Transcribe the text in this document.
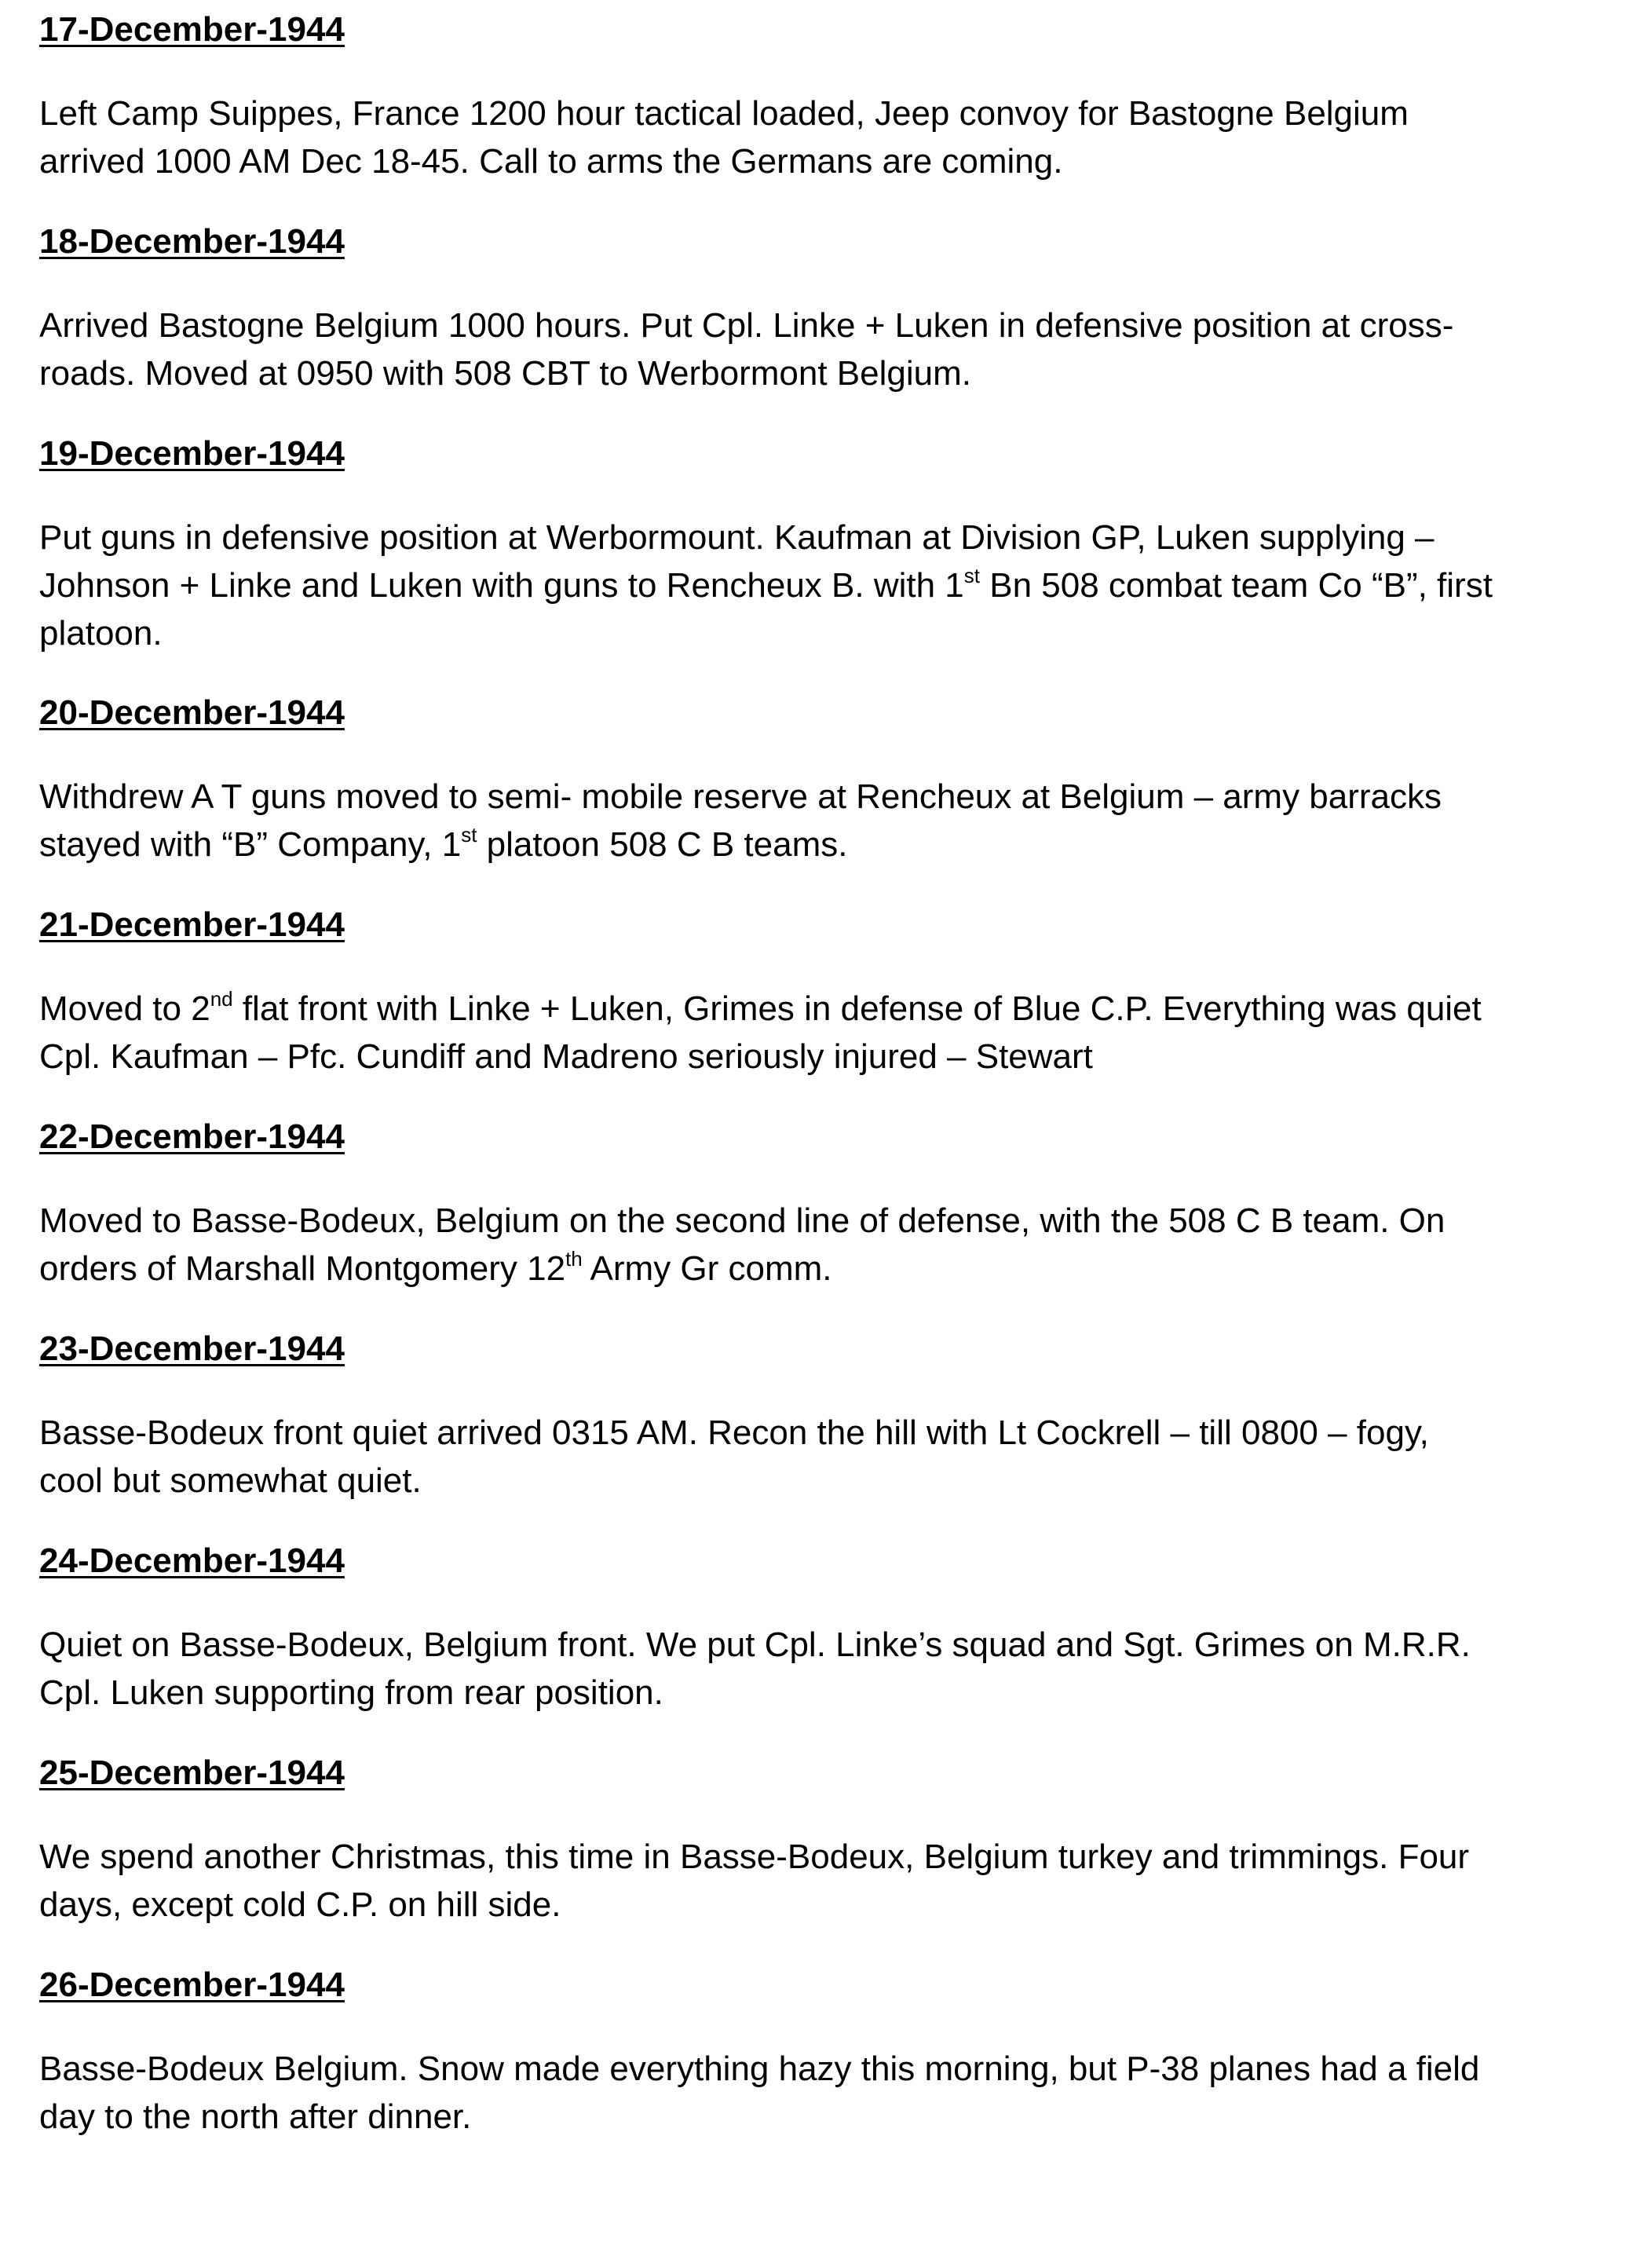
17-December-1944

Left Camp Suippes, France 1200 hour tactical loaded, Jeep convoy for Bastogne Belgium
arrived 1000 AM Dec 18-45. Call to arms the Germans are coming.

18-December-1944

Arrived Bastogne Belgium 1000 hours. Put Cpl. Linke + Luken in defensive position at cross-
roads. Moved at 0950 with 508 CBT to Werbormont Belgium.

19-December-1944

Put guns in defensive position at Werbormount. Kaufman at Division GP, Luken supplying –
Johnson + Linke and Luken with guns to Rencheux B. with 1st Bn 508 combat team Co “B”, first
platoon.

20-December-1944

Withdrew A T guns moved to semi- mobile reserve at Rencheux at Belgium – army barracks
stayed with “B” Company, 1st platoon 508 C B teams.

21-December-1944

Moved to 2nd flat front with Linke + Luken, Grimes in defense of Blue C.P. Everything was quiet
Cpl. Kaufman – Pfc. Cundiff and Madreno seriously injured – Stewart

22-December-1944

Moved to Basse-Bodeux, Belgium on the second line of defense, with the 508 C B team. On
orders of Marshall Montgomery 12th Army Gr comm.

23-December-1944

Basse-Bodeux front quiet arrived 0315 AM. Recon the hill with Lt Cockrell – till 0800 – fogy,
cool but somewhat quiet.

24-December-1944

Quiet on Basse-Bodeux, Belgium front. We put Cpl. Linke’s squad and Sgt. Grimes on M.R.R.
Cpl. Luken supporting from rear position.

25-December-1944

We spend another Christmas, this time in Basse-Bodeux, Belgium turkey and trimmings. Four
days, except cold C.P. on hill side.

26-December-1944

Basse-Bodeux Belgium. Snow made everything hazy this morning, but P-38 planes had a field
day to the north after dinner.
